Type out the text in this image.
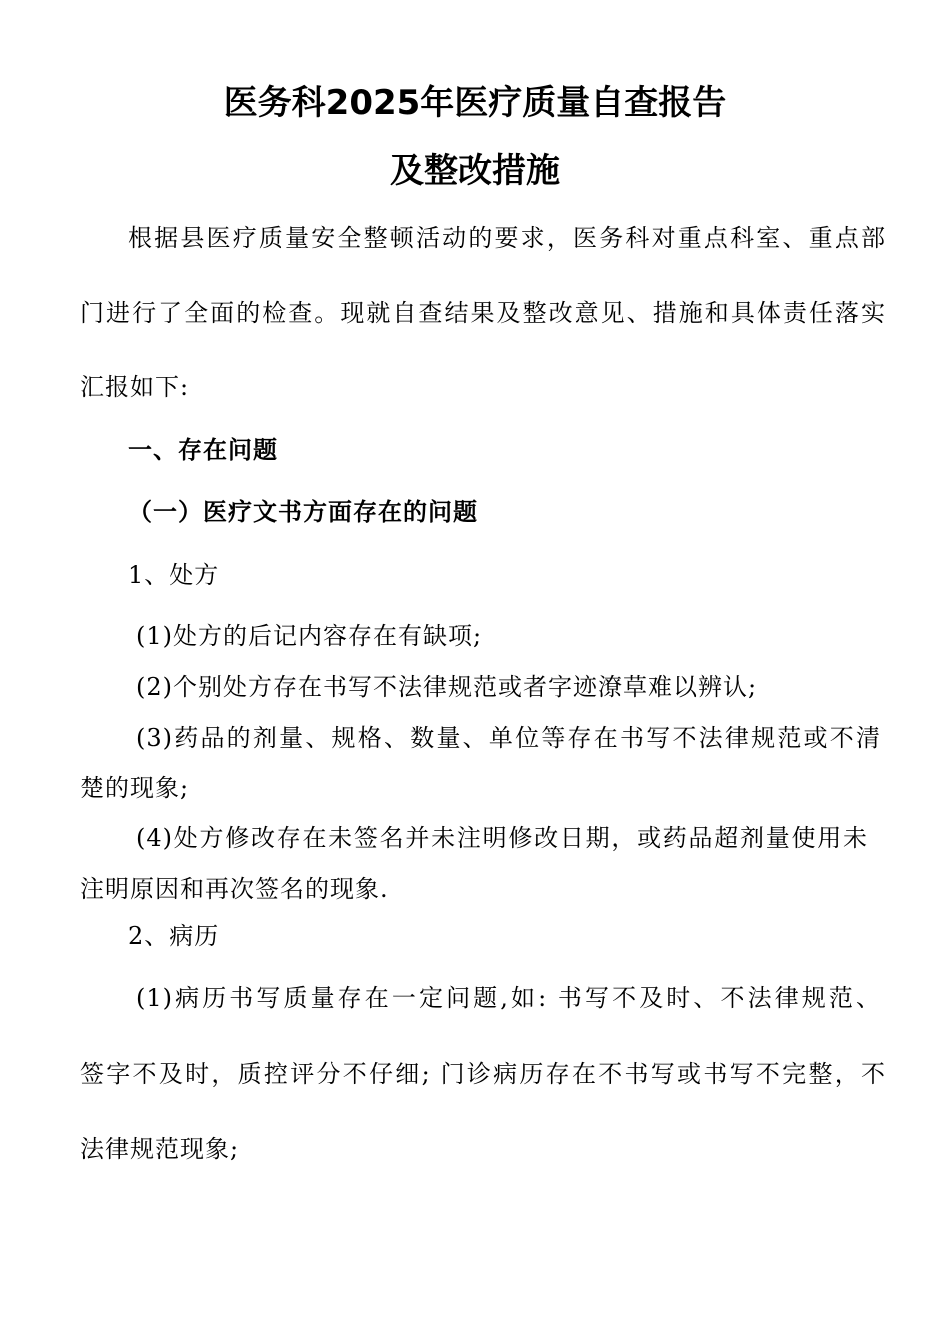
医务科2025年医疗质量自查报告
及整改措施
根据县医疗质量安全整顿活动的要求，医务科对重点科室、重点部
门进行了全面的检查。现就自查结果及整改意见、措施和具体责任落实
汇报如下:
一、存在问题
（一）医疗文书方面存在的问题
1、处方
(1)处方的后记内容存在有缺项;
(2)个别处方存在书写不法律规范或者字迹潦草难以辨认;
(3)药品的剂量、规格、数量、单位等存在书写不法律规范或不清
楚的现象;
(4)处方修改存在未签名并未注明修改日期，或药品超剂量使用未
注明原因和再次签名的现象.
2、病历
(1)病历书写质量存在一定问题,如: 书写不及时、不法律规范、
签字不及时，质控评分不仔细; 门诊病历存在不书写或书写不完整，不
法律规范现象;
